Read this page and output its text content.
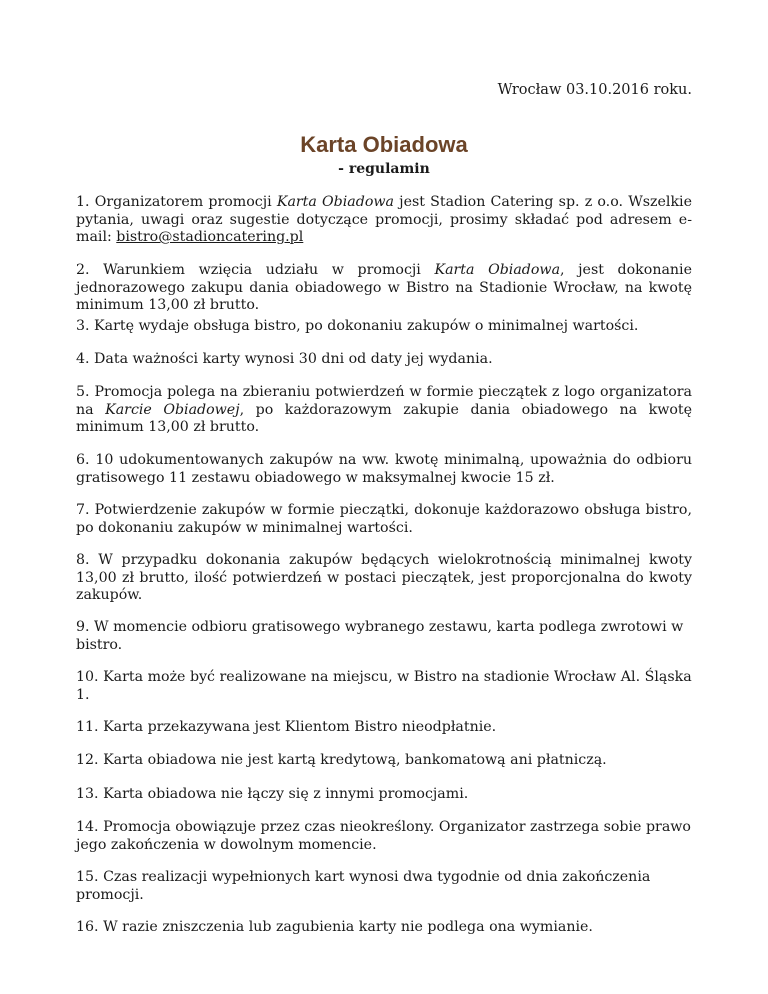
Wrocław 03.10.2016 roku.
Karta Obiadowa
- regulamin

1. Organizatorem promocji Karta Obiadowa jest Stadion Catering sp. z o.o. Wszelkie pytania, uwagi oraz sugestie dotyczące promocji, prosimy składać pod adresem e-mail: bistro@stadioncatering.pl

2. Warunkiem wzięcia udziału w promocji Karta Obiadowa, jest dokonanie jednorazowego zakupu dania obiadowego w Bistro na Stadionie Wrocław, na kwotę minimum 13,00 zł brutto.

3. Kartę wydaje obsługa bistro, po dokonaniu zakupów o minimalnej wartości.

4. Data ważności karty wynosi 30 dni od daty jej wydania.

5. Promocja polega na zbieraniu potwierdzeń w formie pieczątek z logo organizatora na Karcie Obiadowej, po każdorazowym zakupie dania obiadowego na kwotę minimum 13,00 zł brutto.

6. 10 udokumentowanych zakupów na ww. kwotę minimalną, upoważnia do odbioru gratisowego 11 zestawu obiadowego w maksymalnej kwocie 15 zł.

7. Potwierdzenie zakupów w formie pieczątki, dokonuje każdorazowo obsługa bistro, po dokonaniu zakupów w minimalnej wartości.

8. W przypadku dokonania zakupów będących wielokrotnością minimalnej kwoty 13,00 zł brutto, ilość potwierdzeń w postaci pieczątek, jest proporcjonalna do kwoty zakupów.

9. W momencie odbioru gratisowego wybranego zestawu, karta podlega zwrotowi w bistro.

10. Karta może być realizowane na miejscu, w Bistro na stadionie Wrocław Al. Śląska 1.

11. Karta przekazywana jest Klientom Bistro nieodpłatnie.

12. Karta obiadowa nie jest kartą kredytową, bankomatową ani płatniczą.

13. Karta obiadowa nie łączy się z innymi promocjami.

14. Promocja obowiązuje przez czas nieokreślony. Organizator zastrzega sobie prawo jego zakończenia w dowolnym momencie.

15. Czas realizacji wypełnionych kart wynosi dwa tygodnie od dnia zakończenia promocji.

16. W razie zniszczenia lub zagubienia karty nie podlega ona wymianie.
